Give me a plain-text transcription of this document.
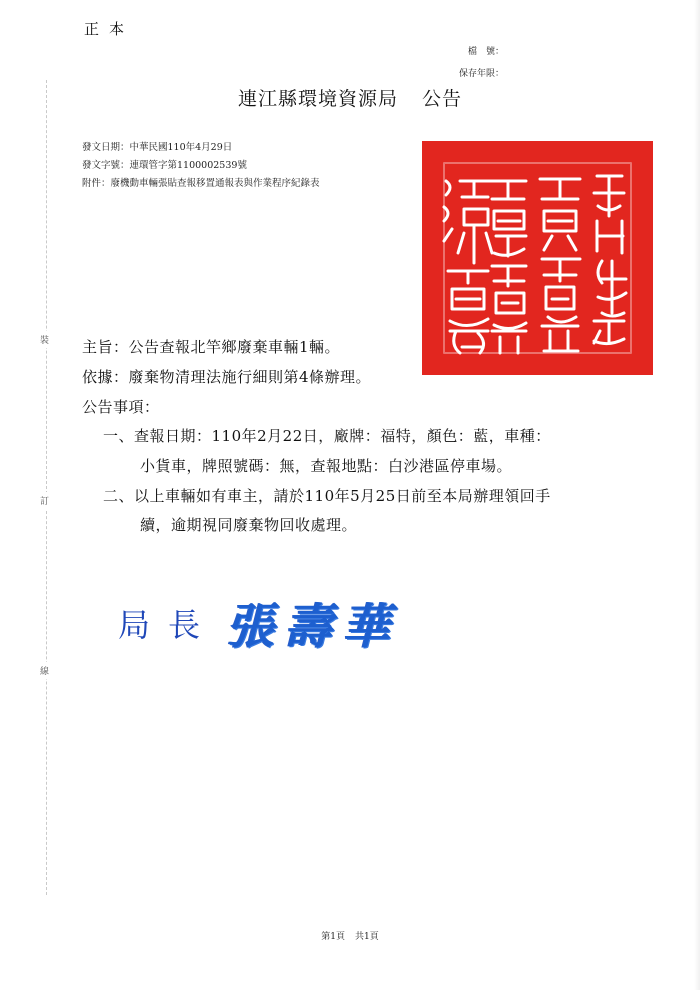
正本
檔　號：
保存年限：
連江縣環境資源局 公告
發文日期：中華民國110年4月29日
發文字號：連環管字第1100002539號
附件：廢機動車輛張貼查報移置通報表與作業程序紀錄表
裝
訂
線
主旨：公告查報北竿鄉廢棄車輛1輛。
依據：廢棄物清理法施行細則第4條辦理。
公告事項：
一、查報日期：110年2月22日，廠牌：福特，顏色：藍，車種：
小貨車，牌照號碼：無，查報地點：白沙港區停車場。
二、以上車輛如有車主，請於110年5月25日前至本局辦理領回手
續，逾期視同廢棄物回收處理。
局長 張壽華
第1頁 共1頁
